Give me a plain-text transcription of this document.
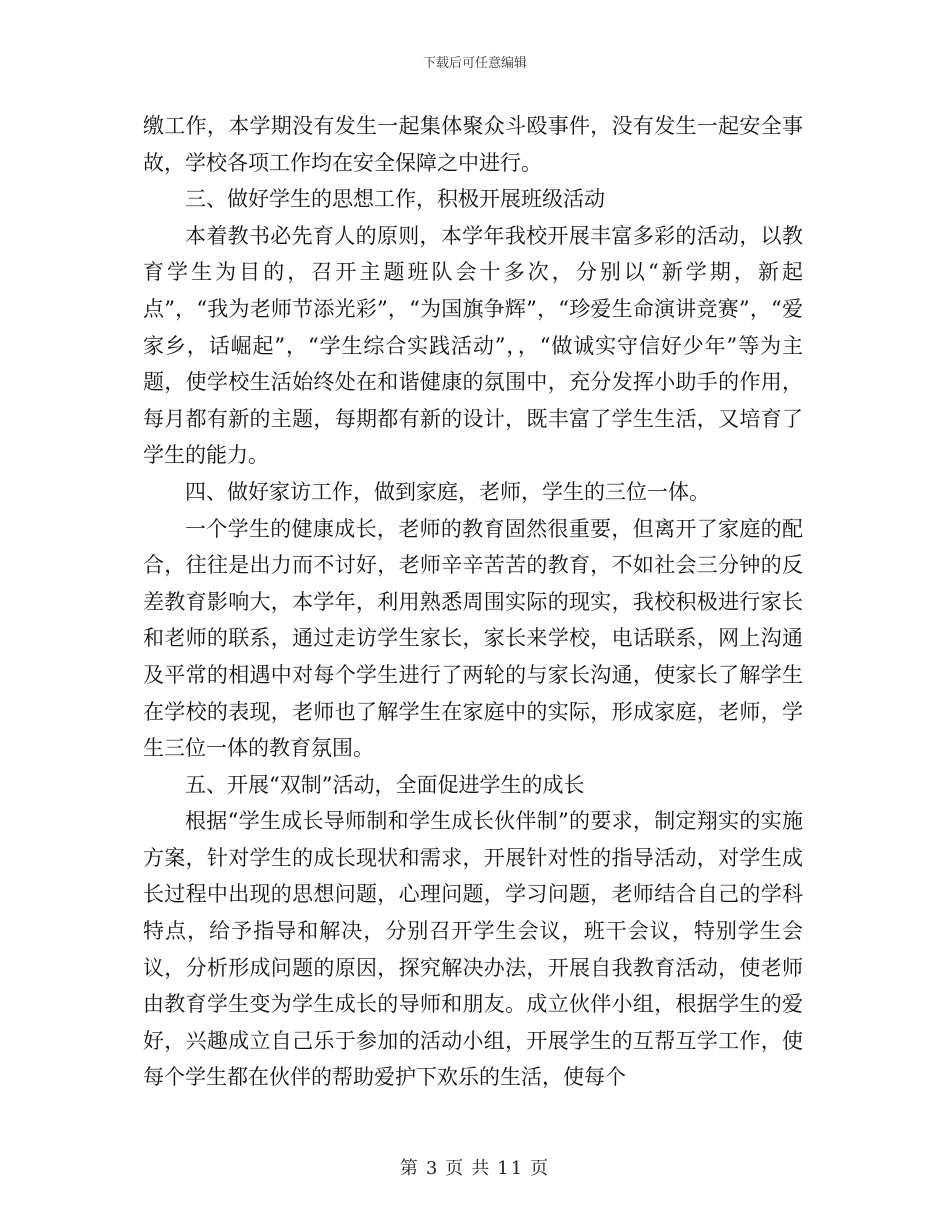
下载后可任意编辑

缴工作，本学期没有发生一起集体聚众斗殴事件，没有发生一起安全事故，学校各项工作均在安全保障之中进行。

三、做好学生的思想工作，积极开展班级活动

本着教书必先育人的原则，本学年我校开展丰富多彩的活动，以教育学生为目的，召开主题班队会十多次，分别以“新学期，新起点”，“我为老师节添光彩”，“为国旗争辉”，“珍爱生命演讲竞赛”，“爱家乡，话崛起”，“学生综合实践活动”，，“做诚实守信好少年”等为主题，使学校生活始终处在和谐健康的氛围中，充分发挥小助手的作用，每月都有新的主题，每期都有新的设计，既丰富了学生生活，又培育了学生的能力。

四、做好家访工作，做到家庭，老师，学生的三位一体。

一个学生的健康成长，老师的教育固然很重要，但离开了家庭的配合，往往是出力而不讨好，老师辛辛苦苦的教育，不如社会三分钟的反差教育影响大，本学年，利用熟悉周围实际的现实，我校积极进行家长和老师的联系，通过走访学生家长，家长来学校，电话联系，网上沟通及平常的相遇中对每个学生进行了两轮的与家长沟通，使家长了解学生在学校的表现，老师也了解学生在家庭中的实际，形成家庭，老师，学生三位一体的教育氛围。

五、开展“双制”活动，全面促进学生的成长

根据“学生成长导师制和学生成长伙伴制”的要求，制定翔实的实施方案，针对学生的成长现状和需求，开展针对性的指导活动，对学生成长过程中出现的思想问题，心理问题，学习问题，老师结合自己的学科特点，给予指导和解决，分别召开学生会议，班干会议，特别学生会议，分析形成问题的原因，探究解决办法，开展自我教育活动，使老师由教育学生变为学生成长的导师和朋友。成立伙伴小组，根据学生的爱好，兴趣成立自己乐于参加的活动小组，开展学生的互帮互学工作，使每个学生都在伙伴的帮助爱护下欢乐的生活，使每个

第 3 页 共 11 页
